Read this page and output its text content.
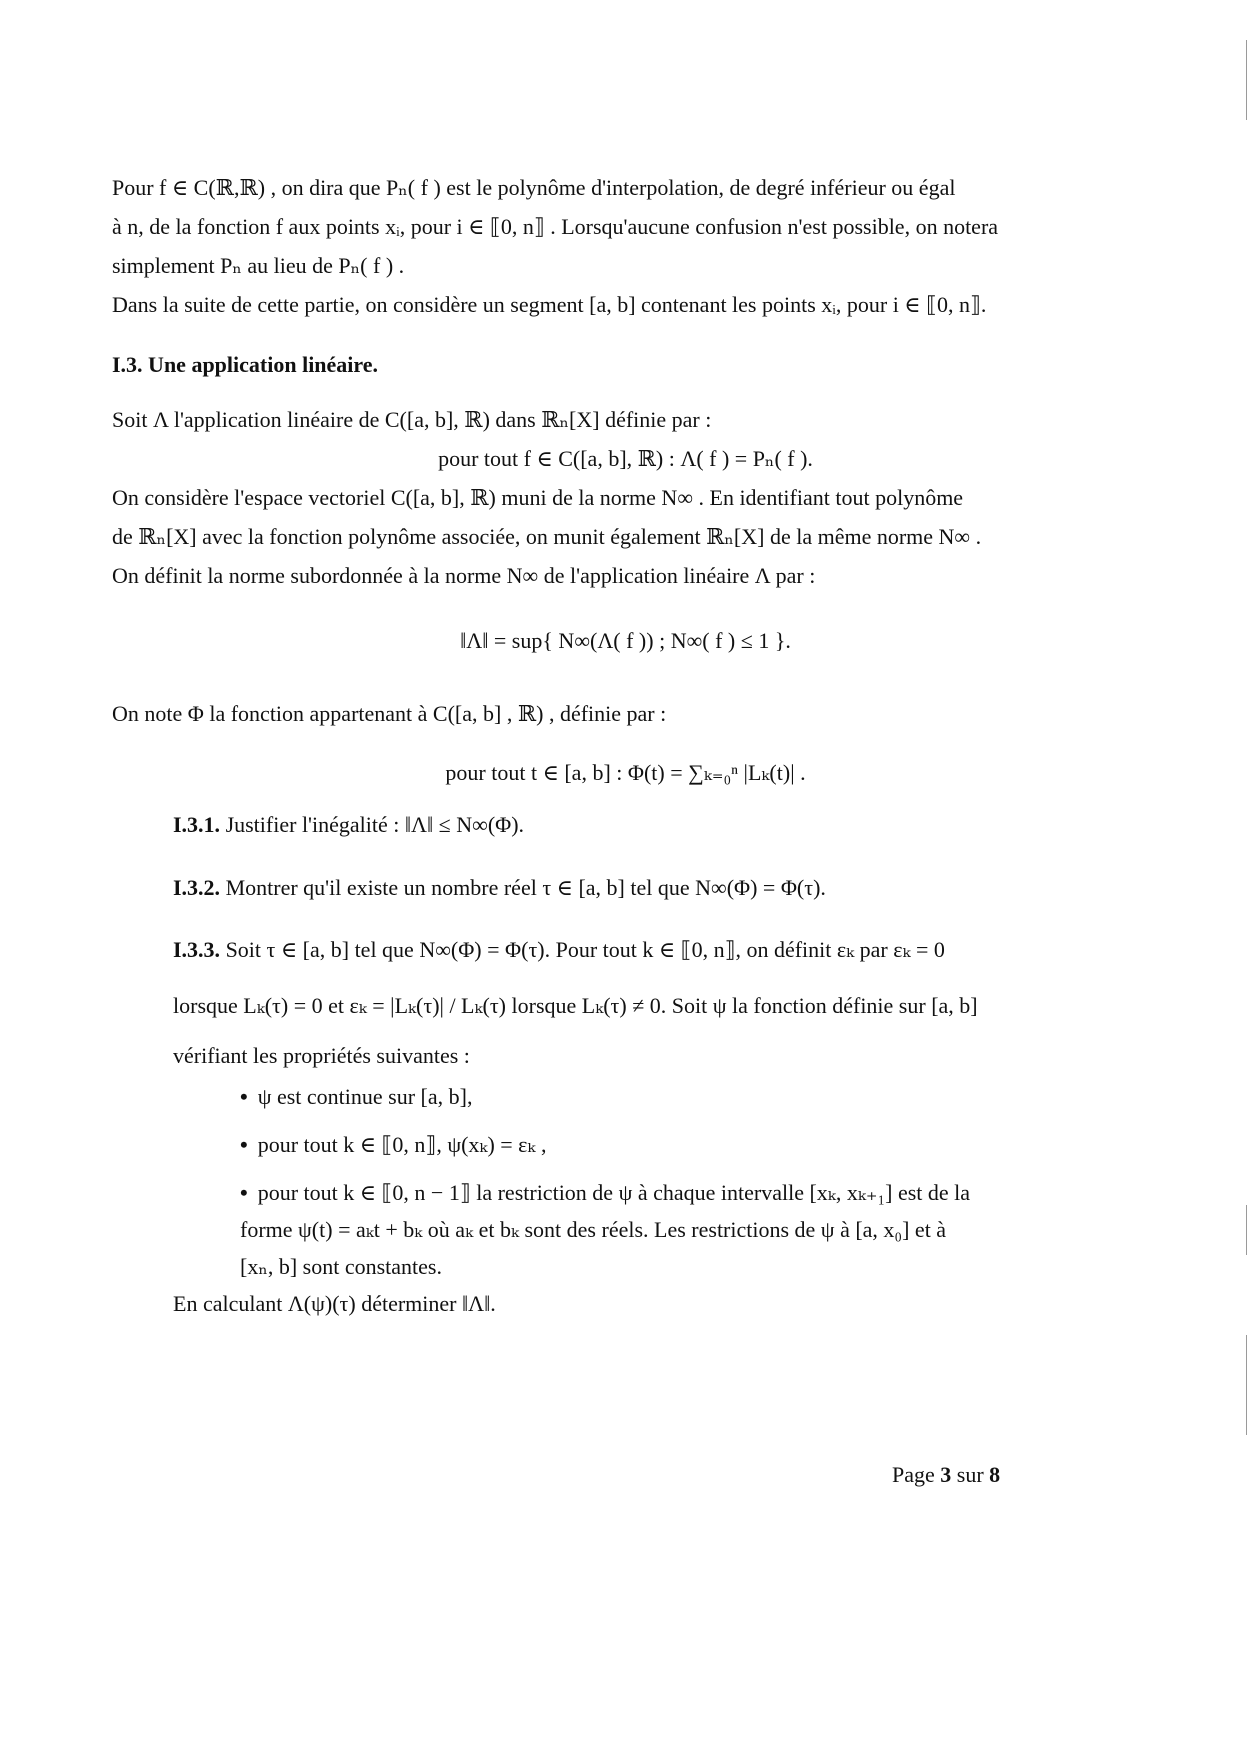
Pour f ∈ C(ℝ,ℝ) , on dira que Pₙ( f ) est le polynôme d'interpolation, de degré inférieur ou égal
à n, de la fonction f aux points xᵢ, pour i ∈ ⟦0, n⟧ . Lorsqu'aucune confusion n'est possible, on notera
simplement Pₙ au lieu de Pₙ( f ) .
Dans la suite de cette partie, on considère un segment [a, b] contenant les points xᵢ, pour i ∈ ⟦0, n⟧.
I.3. Une application linéaire.
Soit Λ l'application linéaire de C([a, b], ℝ) dans ℝₙ[X] définie par :
pour tout f ∈ C([a, b], ℝ) : Λ( f ) = Pₙ( f ).
On considère l'espace vectoriel C([a, b], ℝ) muni de la norme N∞ . En identifiant tout polynôme
de ℝₙ[X] avec la fonction polynôme associée, on munit également ℝₙ[X] de la même norme N∞ .
On définit la norme subordonnée à la norme N∞ de l'application linéaire Λ par :
‖Λ‖ = sup{ N∞(Λ( f )) ; N∞( f ) ≤ 1 }.
On note Φ la fonction appartenant à C([a, b] , ℝ) , définie par :
pour tout t ∈ [a, b] : Φ(t) = ∑ₖ₌₀ⁿ |Lₖ(t)| .
I.3.1. Justifier l'inégalité : ‖Λ‖ ≤ N∞(Φ).
I.3.2. Montrer qu'il existe un nombre réel τ ∈ [a, b] tel que N∞(Φ) = Φ(τ).
I.3.3. Soit τ ∈ [a, b] tel que N∞(Φ) = Φ(τ). Pour tout k ∈ ⟦0, n⟧, on définit εₖ par εₖ = 0
lorsque Lₖ(τ) = 0 et εₖ = |Lₖ(τ)| / Lₖ(τ) lorsque Lₖ(τ) ≠ 0. Soit ψ la fonction définie sur [a, b]
vérifiant les propriétés suivantes :
• ψ est continue sur [a, b],
• pour tout k ∈ ⟦0, n⟧, ψ(xₖ) = εₖ ,
• pour tout k ∈ ⟦0, n − 1⟧ la restriction de ψ à chaque intervalle [xₖ, xₖ₊₁] est de la
forme ψ(t) = aₖt + bₖ où aₖ et bₖ sont des réels. Les restrictions de ψ à [a, x₀] et à
[xₙ, b] sont constantes.
En calculant Λ(ψ)(τ) déterminer ‖Λ‖.
Page 3 sur 8
